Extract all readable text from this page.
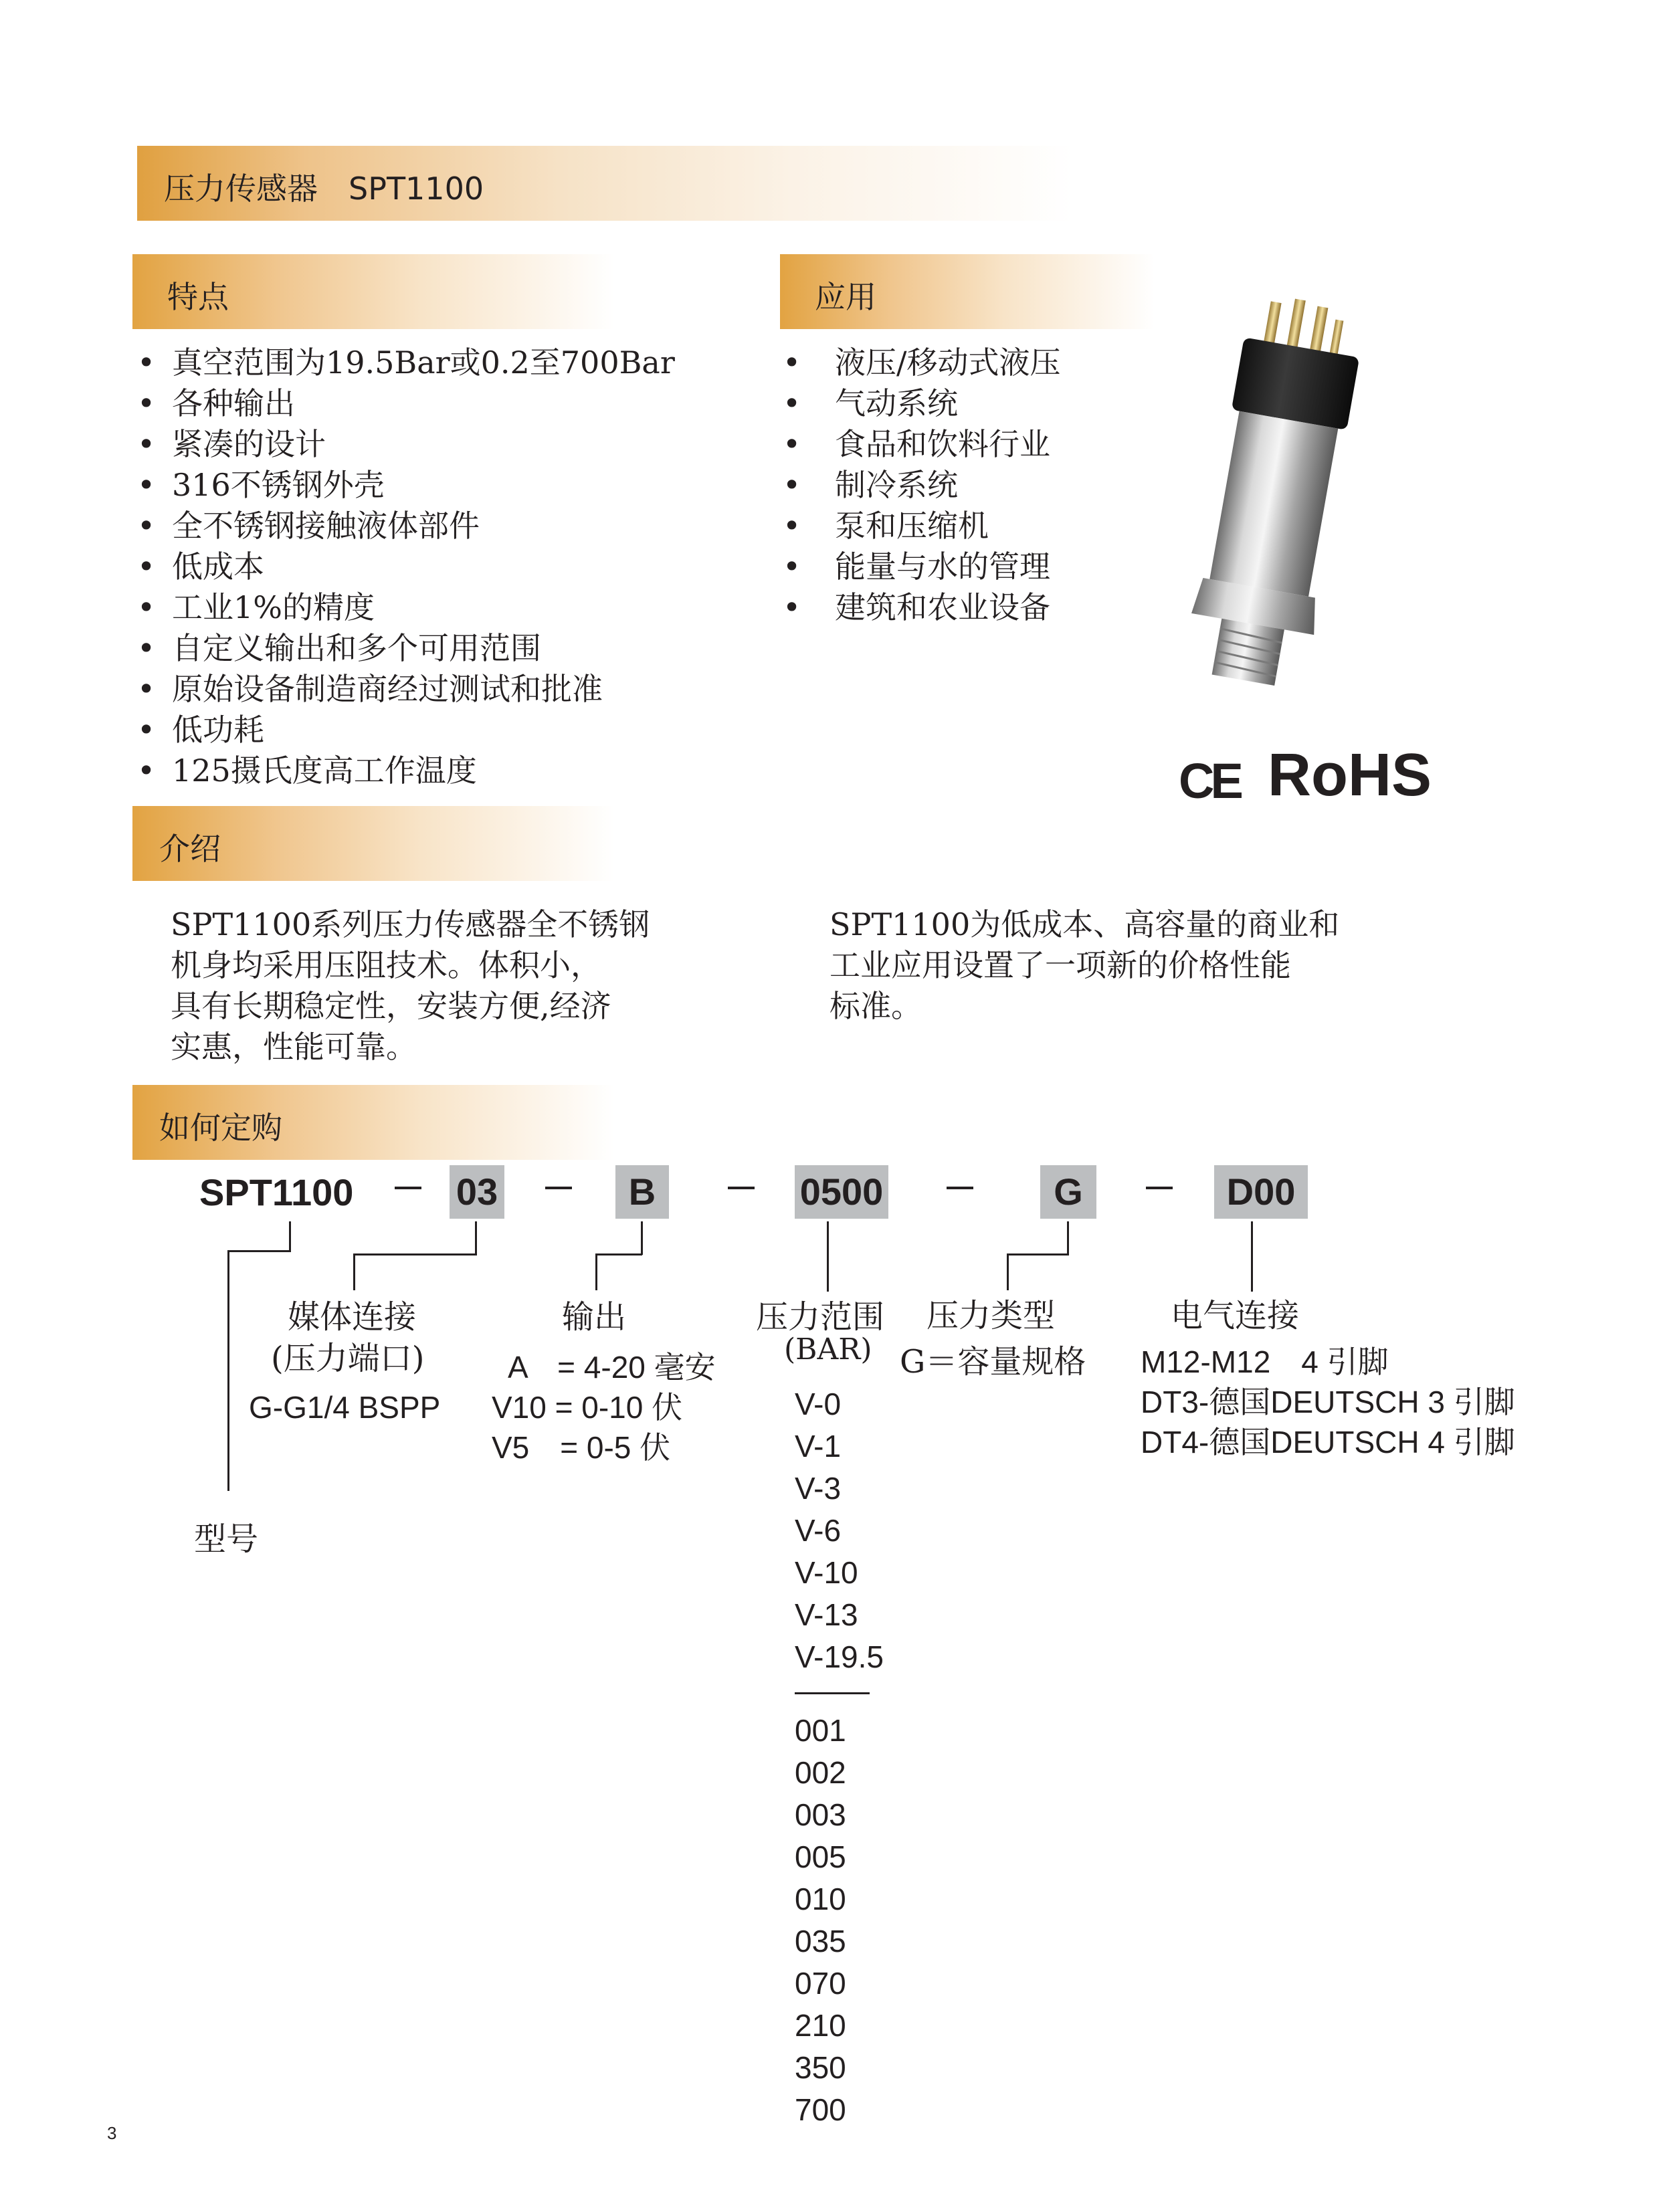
压力传感器　SPT1100
特点
• 真空范围为19.5Bar或0.2至700Bar
• 各种输出
• 紧凑的设计
• 316不锈钢外壳
• 全不锈钢接触液体部件
• 低成本
• 工业1%的精度
• 自定义输出和多个可用范围
• 原始设备制造商经过测试和批准
• 低功耗
• 125摄氏度高工作温度
应用
• 液压/移动式液压
• 气动系统
• 食品和饮料行业
• 制冷系统
• 泵和压缩机
• 能量与水的管理
• 建筑和农业设备
CE RoHS
介绍
SPT1100系列压力传感器全不锈钢
机身均采用压阻技术。体积小，
具有长期稳定性，安装方便,经济
实惠，性能可靠。
SPT1100为低成本、高容量的商业和
工业应用设置了一项新的价格性能
标准。
如何定购
SPT1100	03	B	0500	G	D00
媒体连接
(压力端口)
G-G1/4 BSPP
输出
A　= 4-20 毫安
V10 = 0-10 伏
V5　= 0-5 伏
压力范围
(BAR)
V-0
V-1
V-3
V-6
V-10
V-13
V-19.5
001
002
003
005
010
035
070
210
350
700
压力类型
G＝容量规格
电气连接
M12-M12　4 引脚
DT3-德国DEUTSCH 3 引脚
DT4-德国DEUTSCH 4 引脚
型号
3
